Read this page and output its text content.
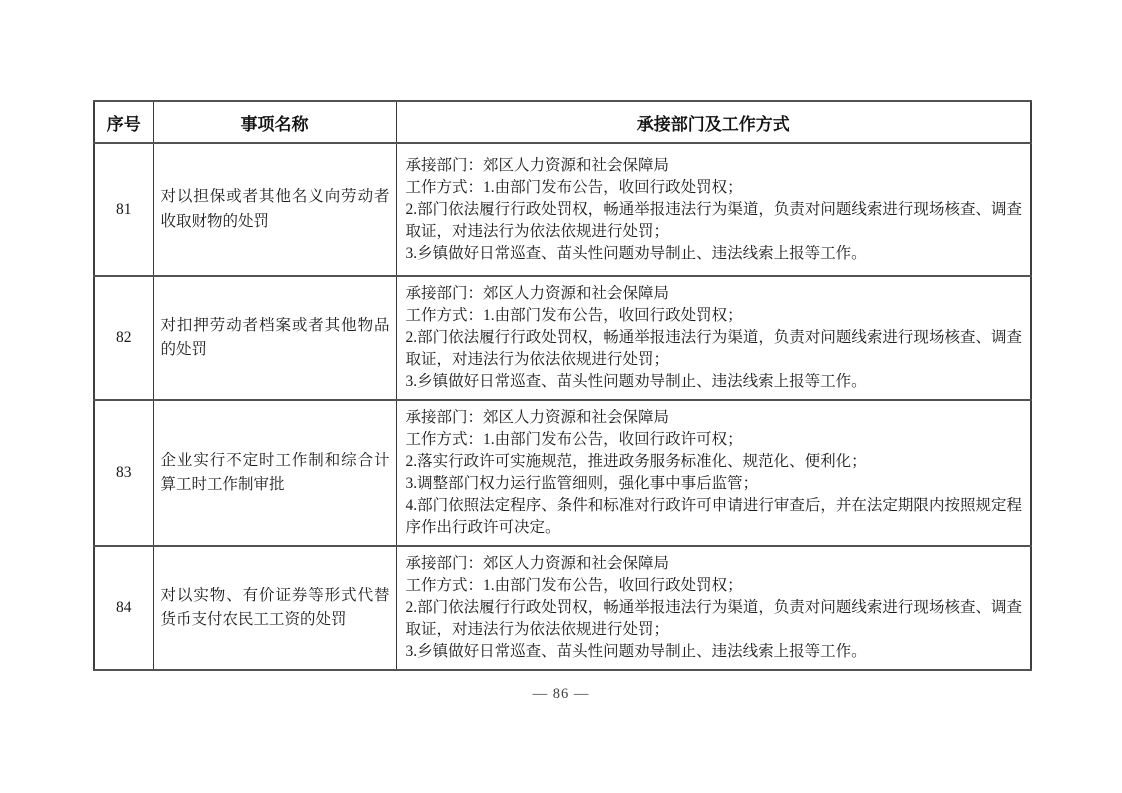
序号	事项名称	承接部门及工作方式
81	对以担保或者其他名义向劳动者收取财物的处罚	承接部门：郊区人力资源和社会保障局
工作方式：1.由部门发布公告，收回行政处罚权；
2.部门依法履行行政处罚权，畅通举报违法行为渠道，负责对问题线索进行现场核查、调查取证，对违法行为依法依规进行处罚；
3.乡镇做好日常巡查、苗头性问题劝导制止、违法线索上报等工作。

82	对扣押劳动者档案或者其他物品的处罚	承接部门：郊区人力资源和社会保障局
工作方式：1.由部门发布公告，收回行政处罚权；
2.部门依法履行行政处罚权，畅通举报违法行为渠道，负责对问题线索进行现场核查、调查取证，对违法行为依法依规进行处罚；
3.乡镇做好日常巡查、苗头性问题劝导制止、违法线索上报等工作。

83	企业实行不定时工作制和综合计算工时工作制审批	承接部门：郊区人力资源和社会保障局
工作方式：1.由部门发布公告，收回行政许可权；
2.落实行政许可实施规范，推进政务服务标准化、规范化、便利化；
3.调整部门权力运行监管细则，强化事中事后监管；
4.部门依照法定程序、条件和标准对行政许可申请进行审查后，并在法定期限内按照规定程序作出行政许可决定。

84	对以实物、有价证券等形式代替货币支付农民工工资的处罚	承接部门：郊区人力资源和社会保障局
工作方式：1.由部门发布公告，收回行政处罚权；
2.部门依法履行行政处罚权，畅通举报违法行为渠道，负责对问题线索进行现场核查、调查取证，对违法行为依法依规进行处罚；
3.乡镇做好日常巡查、苗头性问题劝导制止、违法线索上报等工作。
— 86 —
